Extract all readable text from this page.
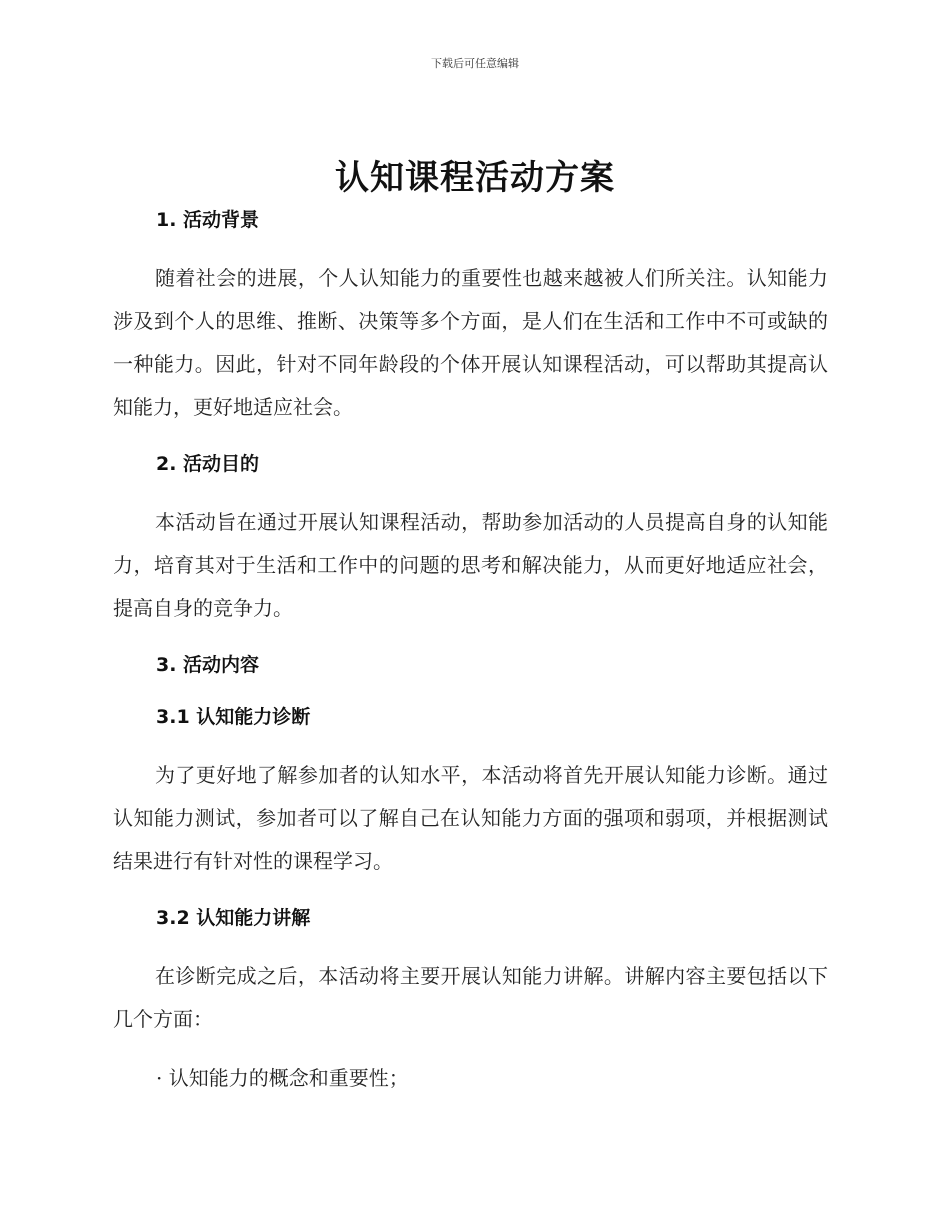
下载后可任意编辑
认知课程活动方案
1. 活动背景

随着社会的进展，个人认知能力的重要性也越来越被人们所关注。认知能力涉及到个人的思维、推断、决策等多个方面，是人们在生活和工作中不可或缺的一种能力。因此，针对不同年龄段的个体开展认知课程活动，可以帮助其提高认知能力，更好地适应社会。

2. 活动目的

本活动旨在通过开展认知课程活动，帮助参加活动的人员提高自身的认知能力，培育其对于生活和工作中的问题的思考和解决能力，从而更好地适应社会，提高自身的竞争力。

3. 活动内容
3.1 认知能力诊断

为了更好地了解参加者的认知水平，本活动将首先开展认知能力诊断。通过认知能力测试，参加者可以了解自己在认知能力方面的强项和弱项，并根据测试结果进行有针对性的课程学习。

3.2 认知能力讲解

在诊断完成之后，本活动将主要开展认知能力讲解。讲解内容主要包括以下几个方面：

· 认知能力的概念和重要性；
